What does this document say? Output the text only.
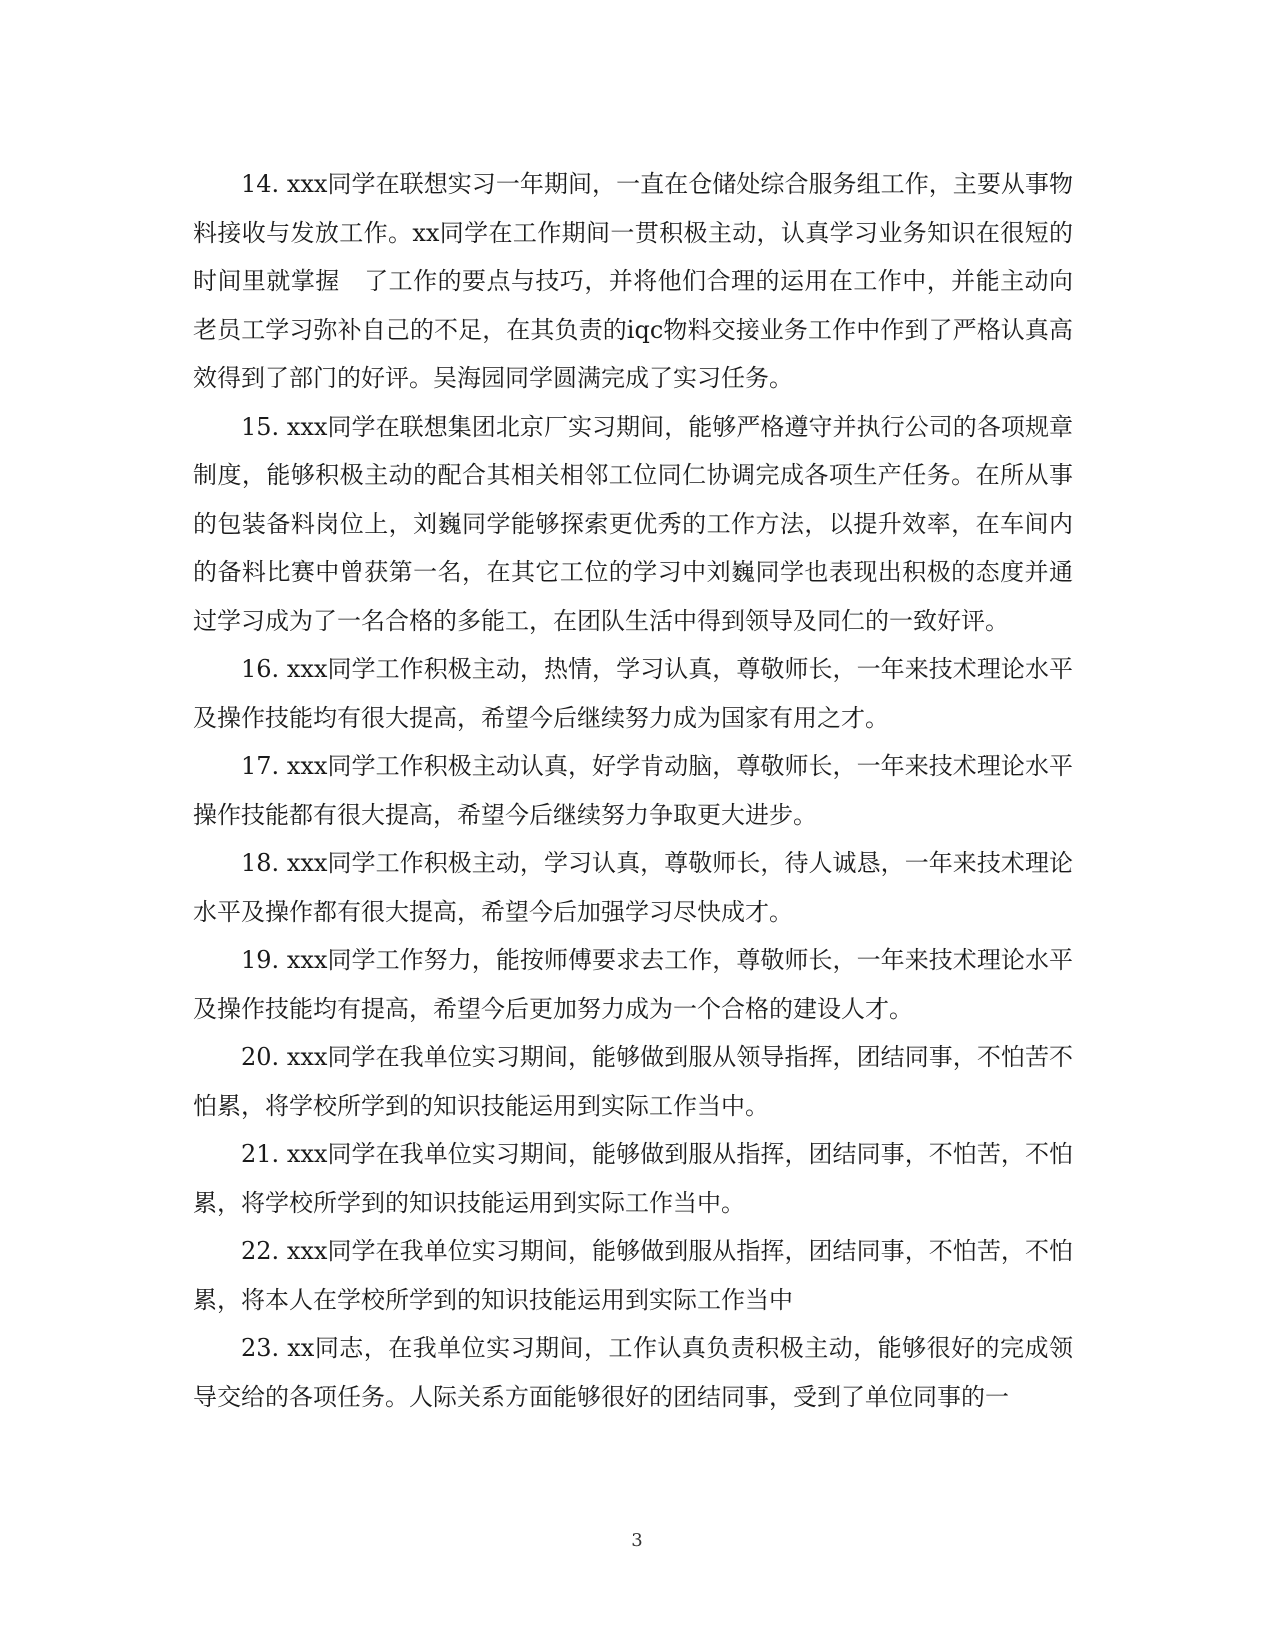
14. xxx同学在联想实习一年期间，一直在仓储处综合服务组工作，主要从事物料接收与发放工作。xx同学在工作期间一贯积极主动，认真学习业务知识在很短的时间里就掌握　了工作的要点与技巧，并将他们合理的运用在工作中，并能主动向老员工学习弥补自己的不足，在其负责的iqc物料交接业务工作中作到了严格认真高效得到了部门的好评。吴海园同学圆满完成了实习任务。

15. xxx同学在联想集团北京厂实习期间，能够严格遵守并执行公司的各项规章制度，能够积极主动的配合其相关相邻工位同仁协调完成各项生产任务。在所从事的包装备料岗位上，刘巍同学能够探索更优秀的工作方法，以提升效率，在车间内的备料比赛中曾获第一名，在其它工位的学习中刘巍同学也表现出积极的态度并通过学习成为了一名合格的多能工，在团队生活中得到领导及同仁的一致好评。

16. xxx同学工作积极主动，热情，学习认真，尊敬师长，一年来技术理论水平及操作技能均有很大提高，希望今后继续努力成为国家有用之才。

17. xxx同学工作积极主动认真，好学肯动脑，尊敬师长，一年来技术理论水平操作技能都有很大提高，希望今后继续努力争取更大进步。

18. xxx同学工作积极主动，学习认真，尊敬师长，待人诚恳，一年来技术理论水平及操作都有很大提高，希望今后加强学习尽快成才。

19. xxx同学工作努力，能按师傅要求去工作，尊敬师长，一年来技术理论水平及操作技能均有提高，希望今后更加努力成为一个合格的建设人才。

20. xxx同学在我单位实习期间，能够做到服从领导指挥，团结同事，不怕苦不怕累，将学校所学到的知识技能运用到实际工作当中。

21. xxx同学在我单位实习期间，能够做到服从指挥，团结同事，不怕苦，不怕累，将学校所学到的知识技能运用到实际工作当中。

22. xxx同学在我单位实习期间，能够做到服从指挥，团结同事，不怕苦，不怕累，将本人在学校所学到的知识技能运用到实际工作当中

23. xx同志，在我单位实习期间，工作认真负责积极主动，能够很好的完成领导交给的各项任务。人际关系方面能够很好的团结同事，受到了单位同事的一

3
